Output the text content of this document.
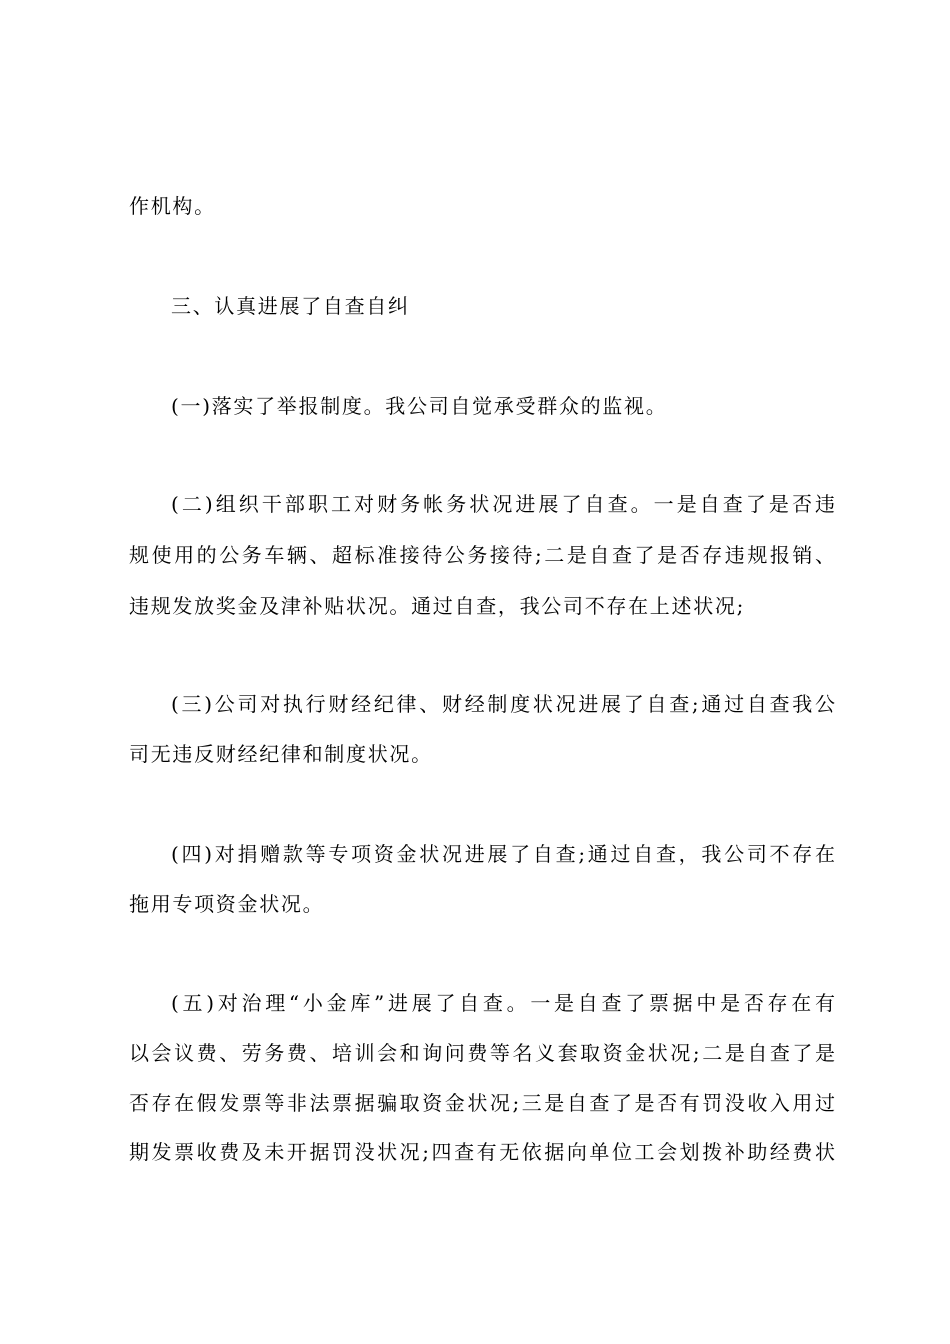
作机构。
三、认真进展了自查自纠
(一)落实了举报制度。我公司自觉承受群众的监视。
(二)组织干部职工对财务帐务状况进展了自查。一是自查了是否违
规使用的公务车辆、超标准接待公务接待;二是自查了是否存违规报销、
违规发放奖金及津补贴状况。通过自查，我公司不存在上述状况;
(三)公司对执行财经纪律、财经制度状况进展了自查;通过自查我公
司无违反财经纪律和制度状况。
(四)对捐赠款等专项资金状况进展了自查;通过自查，我公司不存在
拖用专项资金状况。
(五)对治理“小金库”进展了自查。一是自查了票据中是否存在有
以会议费、劳务费、培训会和询问费等名义套取资金状况;二是自查了是
否存在假发票等非法票据骗取资金状况;三是自查了是否有罚没收入用过
期发票收费及未开据罚没状况;四查有无依据向单位工会划拨补助经费状
